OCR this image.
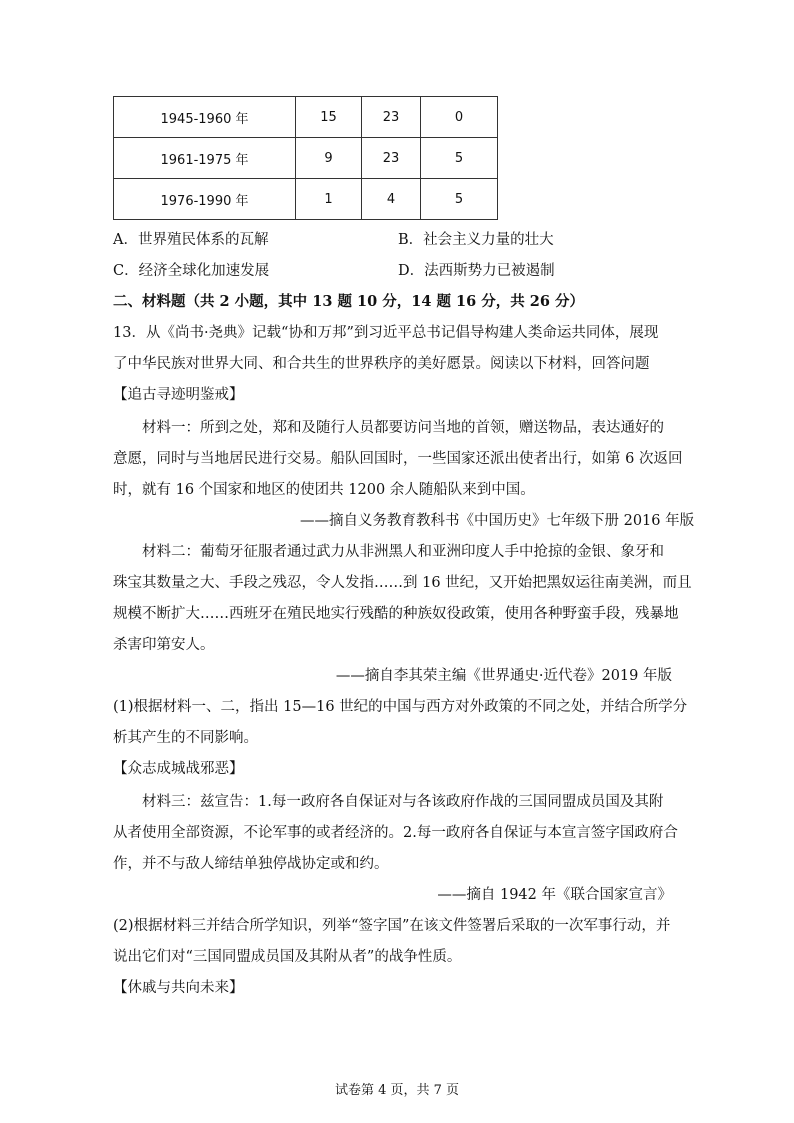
1945-1960 年	15	23	0
1961-1975 年	9	23	5
1976-1990 年	1	4	5
A．世界殖民体系的瓦解	B．社会主义力量的壮大
C．经济全球化加速发展	D．法西斯势力已被遏制
二、材料题（共 2 小题，其中 13 题 10 分，14 题 16 分，共 26 分）
13．从《尚书·尧典》记载“协和万邦”到习近平总书记倡导构建人类命运共同体，展现
了中华民族对世界大同、和合共生的世界秩序的美好愿景。阅读以下材料，回答问题
【追古寻迹明鉴戒】
材料一：所到之处，郑和及随行人员都要访问当地的首领，赠送物品，表达通好的
意愿，同时与当地居民进行交易。船队回国时，一些国家还派出使者出行，如第 6 次返回
时，就有 16 个国家和地区的使团共 1200 余人随船队来到中国。
——摘自义务教育教科书《中国历史》七年级下册 2016 年版
材料二：葡萄牙征服者通过武力从非洲黑人和亚洲印度人手中抢掠的金银、象牙和
珠宝其数量之大、手段之残忍，令人发指……到 16 世纪，又开始把黑奴运往南美洲，而且
规模不断扩大……西班牙在殖民地实行残酷的种族奴役政策，使用各种野蛮手段，残暴地
杀害印第安人。
——摘自李其荣主编《世界通史·近代卷》2019 年版
(1)根据材料一、二，指出 15—16 世纪的中国与西方对外政策的不同之处，并结合所学分
析其产生的不同影响。
【众志成城战邪恶】
材料三：兹宣告：1.每一政府各自保证对与各该政府作战的三国同盟成员国及其附
从者使用全部资源，不论军事的或者经济的。2.每一政府各自保证与本宣言签字国政府合
作，并不与敌人缔结单独停战协定或和约。
——摘自 1942 年《联合国家宣言》
(2)根据材料三并结合所学知识，列举“签字国”在该文件签署后采取的一次军事行动，并
说出它们对“三国同盟成员国及其附从者”的战争性质。
【休戚与共向未来】
试卷第 4 页，共 7 页
